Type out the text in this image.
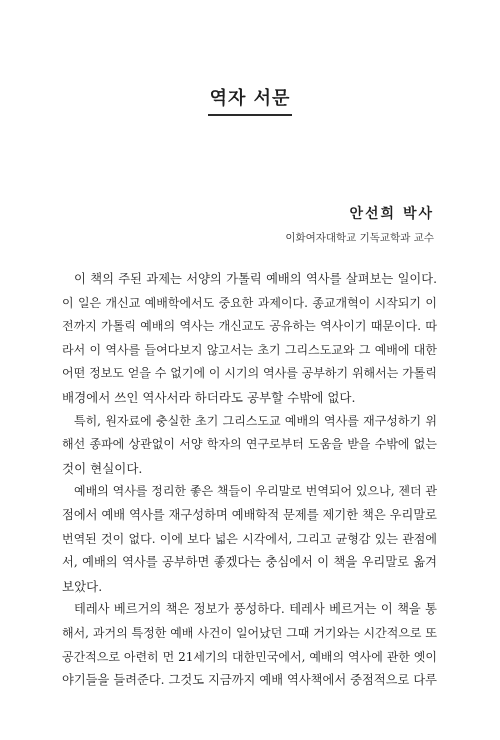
역자 서문
안선희 박사
이화여자대학교 기독교학과 교수
이 책의 주된 과제는 서양의 가톨릭 예배의 역사를 살펴보는 일이다.
이 일은 개신교 예배학에서도 중요한 과제이다. 종교개혁이 시작되기 이
전까지 가톨릭 예배의 역사는 개신교도 공유하는 역사이기 때문이다. 따
라서 이 역사를 들여다보지 않고서는 초기 그리스도교와 그 예배에 대한
어떤 정보도 얻을 수 없기에 이 시기의 역사를 공부하기 위해서는 가톨릭
배경에서 쓰인 역사서라 하더라도 공부할 수밖에 없다.
특히, 원자료에 충실한 초기 그리스도교 예배의 역사를 재구성하기 위
해선 종파에 상관없이 서양 학자의 연구로부터 도움을 받을 수밖에 없는
것이 현실이다.
예배의 역사를 정리한 좋은 책들이 우리말로 번역되어 있으나, 젠더 관
점에서 예배 역사를 재구성하며 예배학적 문제를 제기한 책은 우리말로
번역된 것이 없다. 이에 보다 넓은 시각에서, 그리고 균형감 있는 관점에
서, 예배의 역사를 공부하면 좋겠다는 충심에서 이 책을 우리말로 옮겨
보았다.
테레사 베르거의 책은 정보가 풍성하다. 테레사 베르거는 이 책을 통
해서, 과거의 특정한 예배 사건이 일어났던 그때 거기와는 시간적으로 또
공간적으로 아련히 먼 21세기의 대한민국에서, 예배의 역사에 관한 옛이
야기들을 들려준다. 그것도 지금까지 예배 역사책에서 중점적으로 다루
